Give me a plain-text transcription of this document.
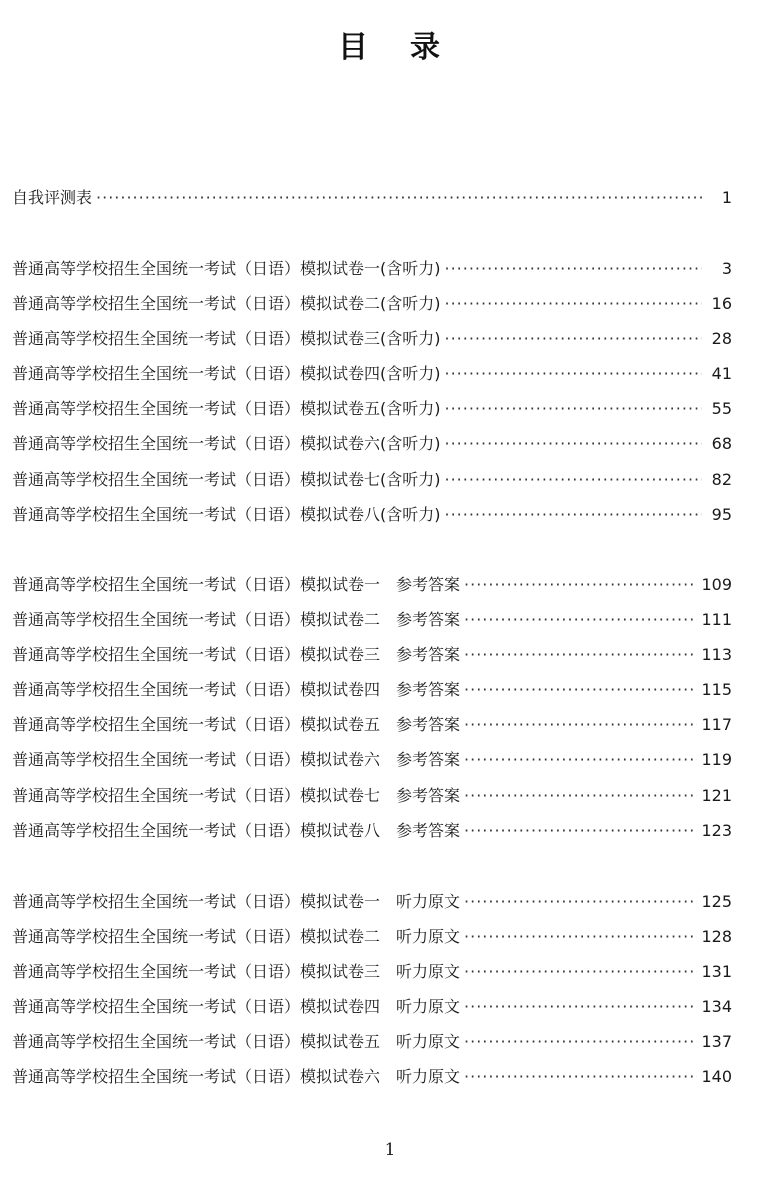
目 录
自我评测表 ·····	1
普通高等学校招生全国统一考试（日语）模拟试卷一(含听力) ·····	3
普通高等学校招生全国统一考试（日语）模拟试卷二(含听力) ·····	16
普通高等学校招生全国统一考试（日语）模拟试卷三(含听力) ·····	28
普通高等学校招生全国统一考试（日语）模拟试卷四(含听力) ·····	41
普通高等学校招生全国统一考试（日语）模拟试卷五(含听力) ·····	55
普通高等学校招生全国统一考试（日语）模拟试卷六(含听力) ·····	68
普通高等学校招生全国统一考试（日语）模拟试卷七(含听力) ·····	82
普通高等学校招生全国统一考试（日语）模拟试卷八(含听力) ·····	95
普通高等学校招生全国统一考试（日语）模拟试卷一 参考答案 ·····	109
普通高等学校招生全国统一考试（日语）模拟试卷二 参考答案 ·····	111
普通高等学校招生全国统一考试（日语）模拟试卷三 参考答案 ·····	113
普通高等学校招生全国统一考试（日语）模拟试卷四 参考答案 ·····	115
普通高等学校招生全国统一考试（日语）模拟试卷五 参考答案 ·····	117
普通高等学校招生全国统一考试（日语）模拟试卷六 参考答案 ·····	119
普通高等学校招生全国统一考试（日语）模拟试卷七 参考答案 ·····	121
普通高等学校招生全国统一考试（日语）模拟试卷八 参考答案 ·····	123
普通高等学校招生全国统一考试（日语）模拟试卷一 听力原文 ·····	125
普通高等学校招生全国统一考试（日语）模拟试卷二 听力原文 ·····	128
普通高等学校招生全国统一考试（日语）模拟试卷三 听力原文 ·····	131
普通高等学校招生全国统一考试（日语）模拟试卷四 听力原文 ·····	134
普通高等学校招生全国统一考试（日语）模拟试卷五 听力原文 ·····	137
普通高等学校招生全国统一考试（日语）模拟试卷六 听力原文 ·····	140
1
